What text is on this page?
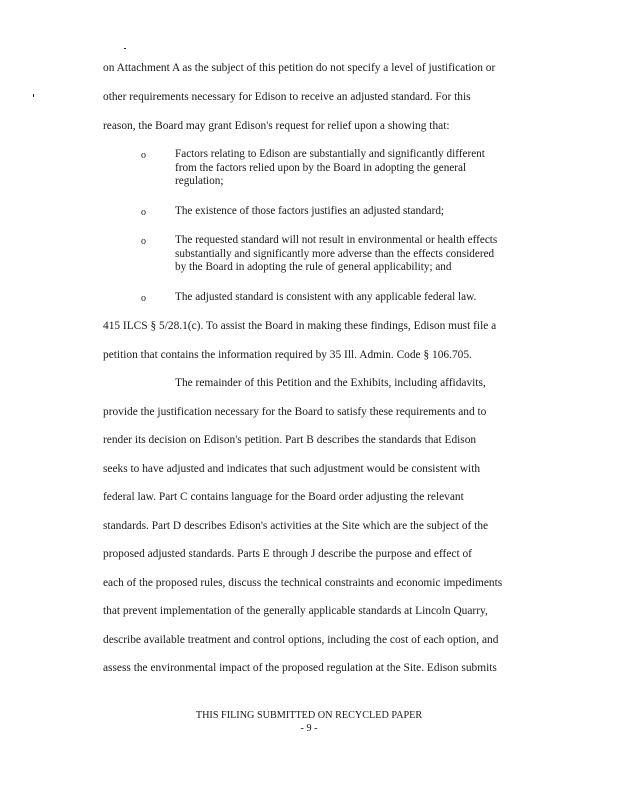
on Attachment A as the subject of this petition do not specify a level of justification or
other requirements necessary for Edison to receive an adjusted standard. For this
reason, the Board may grant Edison's request for relief upon a showing that:
o	Factors relating to Edison are substantially and significantly different
from the factors relied upon by the Board in adopting the general
regulation;
o	The existence of those factors justifies an adjusted standard;
o	The requested standard will not result in environmental or health effects
substantially and significantly more adverse than the effects considered
by the Board in adopting the rule of general applicability; and
o	The adjusted standard is consistent with any applicable federal law.
415 ILCS § 5/28.1(c). To assist the Board in making these findings, Edison must file a
petition that contains the information required by 35 Ill. Admin. Code § 106.705.
The remainder of this Petition and the Exhibits, including affidavits,
provide the justification necessary for the Board to satisfy these requirements and to
render its decision on Edison's petition. Part B describes the standards that Edison
seeks to have adjusted and indicates that such adjustment would be consistent with
federal law. Part C contains language for the Board order adjusting the relevant
standards. Part D describes Edison's activities at the Site which are the subject of the
proposed adjusted standards. Parts E through J describe the purpose and effect of
each of the proposed rules, discuss the technical constraints and economic impediments
that prevent implementation of the generally applicable standards at Lincoln Quarry,
describe available treatment and control options, including the cost of each option, and
assess the environmental impact of the proposed regulation at the Site. Edison submits
THIS FILING SUBMITTED ON RECYCLED PAPER
- 9 -
